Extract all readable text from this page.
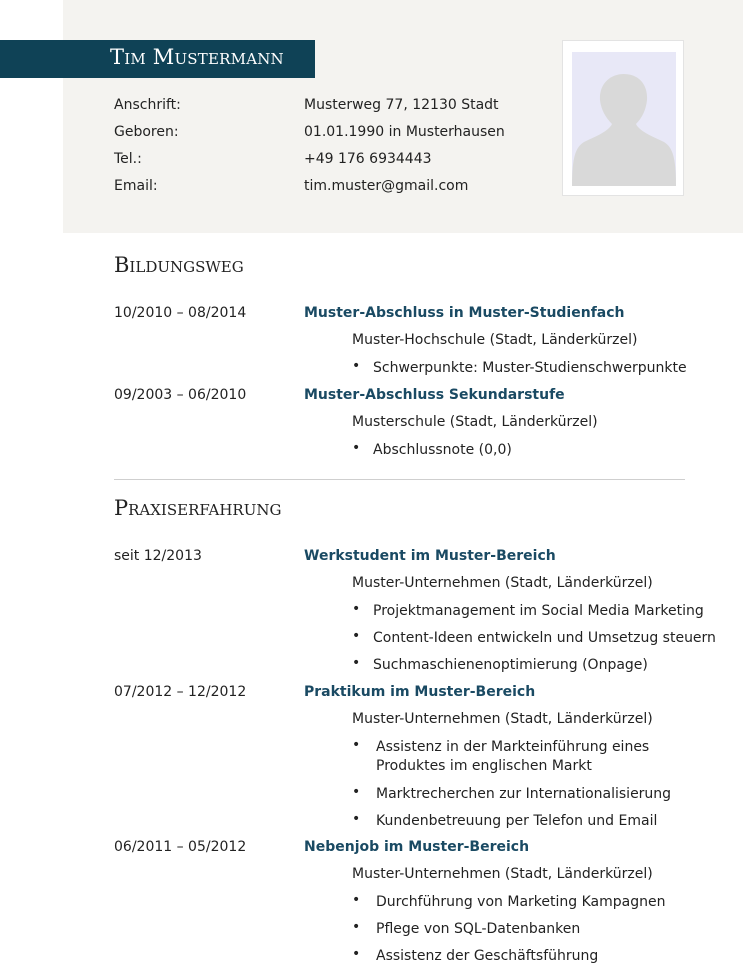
Tim Mustermann
Anschrift:	Musterweg 77, 12130 Stadt
Geboren:	01.01.1990 in Musterhausen
Tel.:	+49 176 6934443
Email:	tim.muster@gmail.com
Bildungsweg
10/2010 – 08/2014	Muster-Abschluss in Muster-Studienfach
Muster-Hochschule (Stadt, Länderkürzel)
• Schwerpunkte: Muster-Studienschwerpunkte
09/2003 – 06/2010	Muster-Abschluss Sekundarstufe
Musterschule (Stadt, Länderkürzel)
• Abschlussnote (0,0)
Praxiserfahrung
seit 12/2013	Werkstudent im Muster-Bereich
Muster-Unternehmen (Stadt, Länderkürzel)
• Projektmanagement im Social Media Marketing
• Content-Ideen entwickeln und Umsetzug steuern
• Suchmaschienenoptimierung (Onpage)
07/2012 – 12/2012	Praktikum im Muster-Bereich
Muster-Unternehmen (Stadt, Länderkürzel)
• Assistenz in der Markteinführung eines
Produktes im englischen Markt
• Marktrecherchen zur Internationalisierung
• Kundenbetreuung per Telefon und Email
06/2011 – 05/2012	Nebenjob im Muster-Bereich
Muster-Unternehmen (Stadt, Länderkürzel)
• Durchführung von Marketing Kampagnen
• Pflege von SQL-Datenbanken
• Assistenz der Geschäftsführung
